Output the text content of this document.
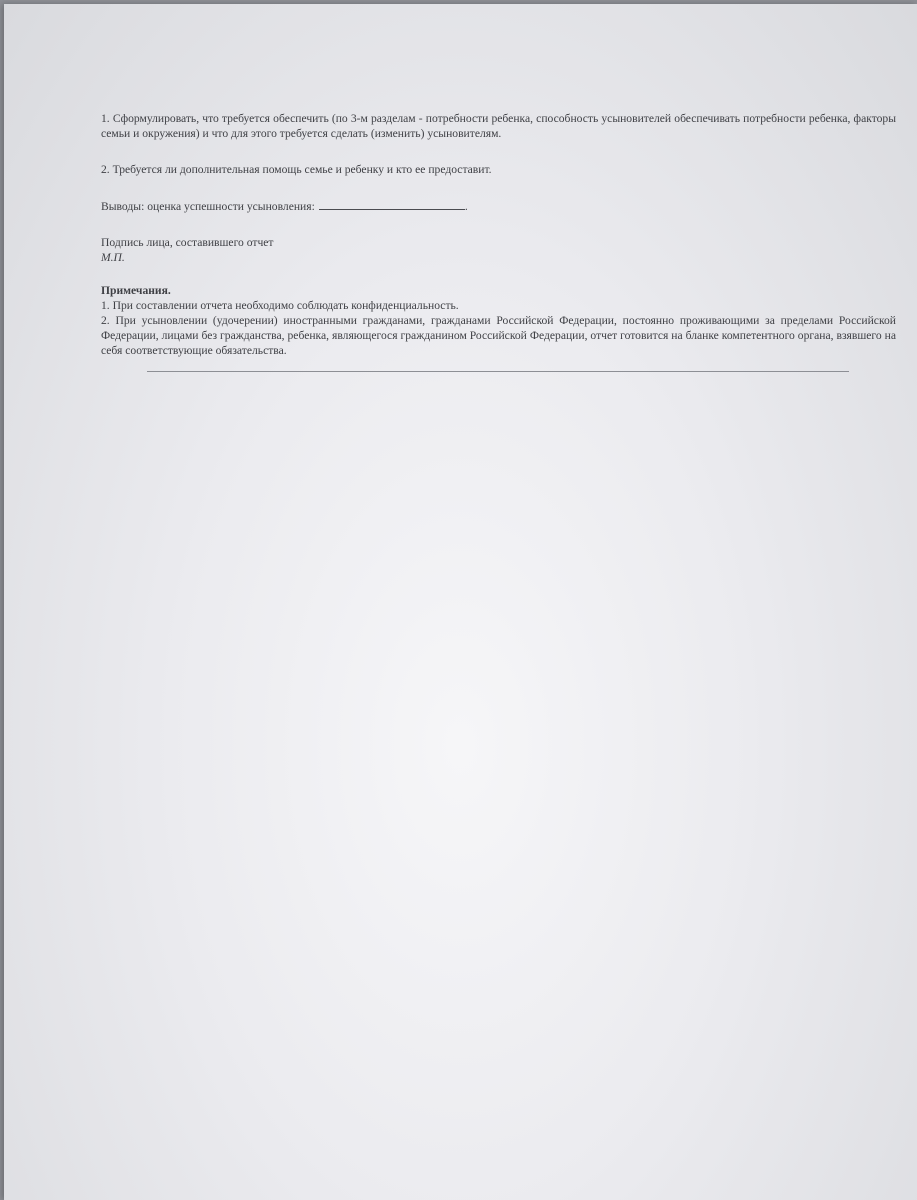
1. Сформулировать, что требуется обеспечить (по 3-м разделам - потребности ребенка, способность усыновителей обеспечивать потребности ребенка, факторы семьи и окружения) и что для этого требуется сделать (изменить) усыновителям.

2. Требуется ли дополнительная помощь семье и ребенку и кто ее предоставит.

Выводы: оценка успешности усыновления:	.

Подпись лица, составившего отчет

М.П.

Примечания.

1. При составлении отчета необходимо соблюдать конфиденциальность.

2. При усыновлении (удочерении) иностранными гражданами, гражданами Российской Федерации, постоянно проживающими за пределами Российской Федерации, лицами без гражданства, ребенка, являющегося гражданином Российской Федерации, отчет готовится на бланке компетентного органа, взявшего на себя соответствующие обязательства.
